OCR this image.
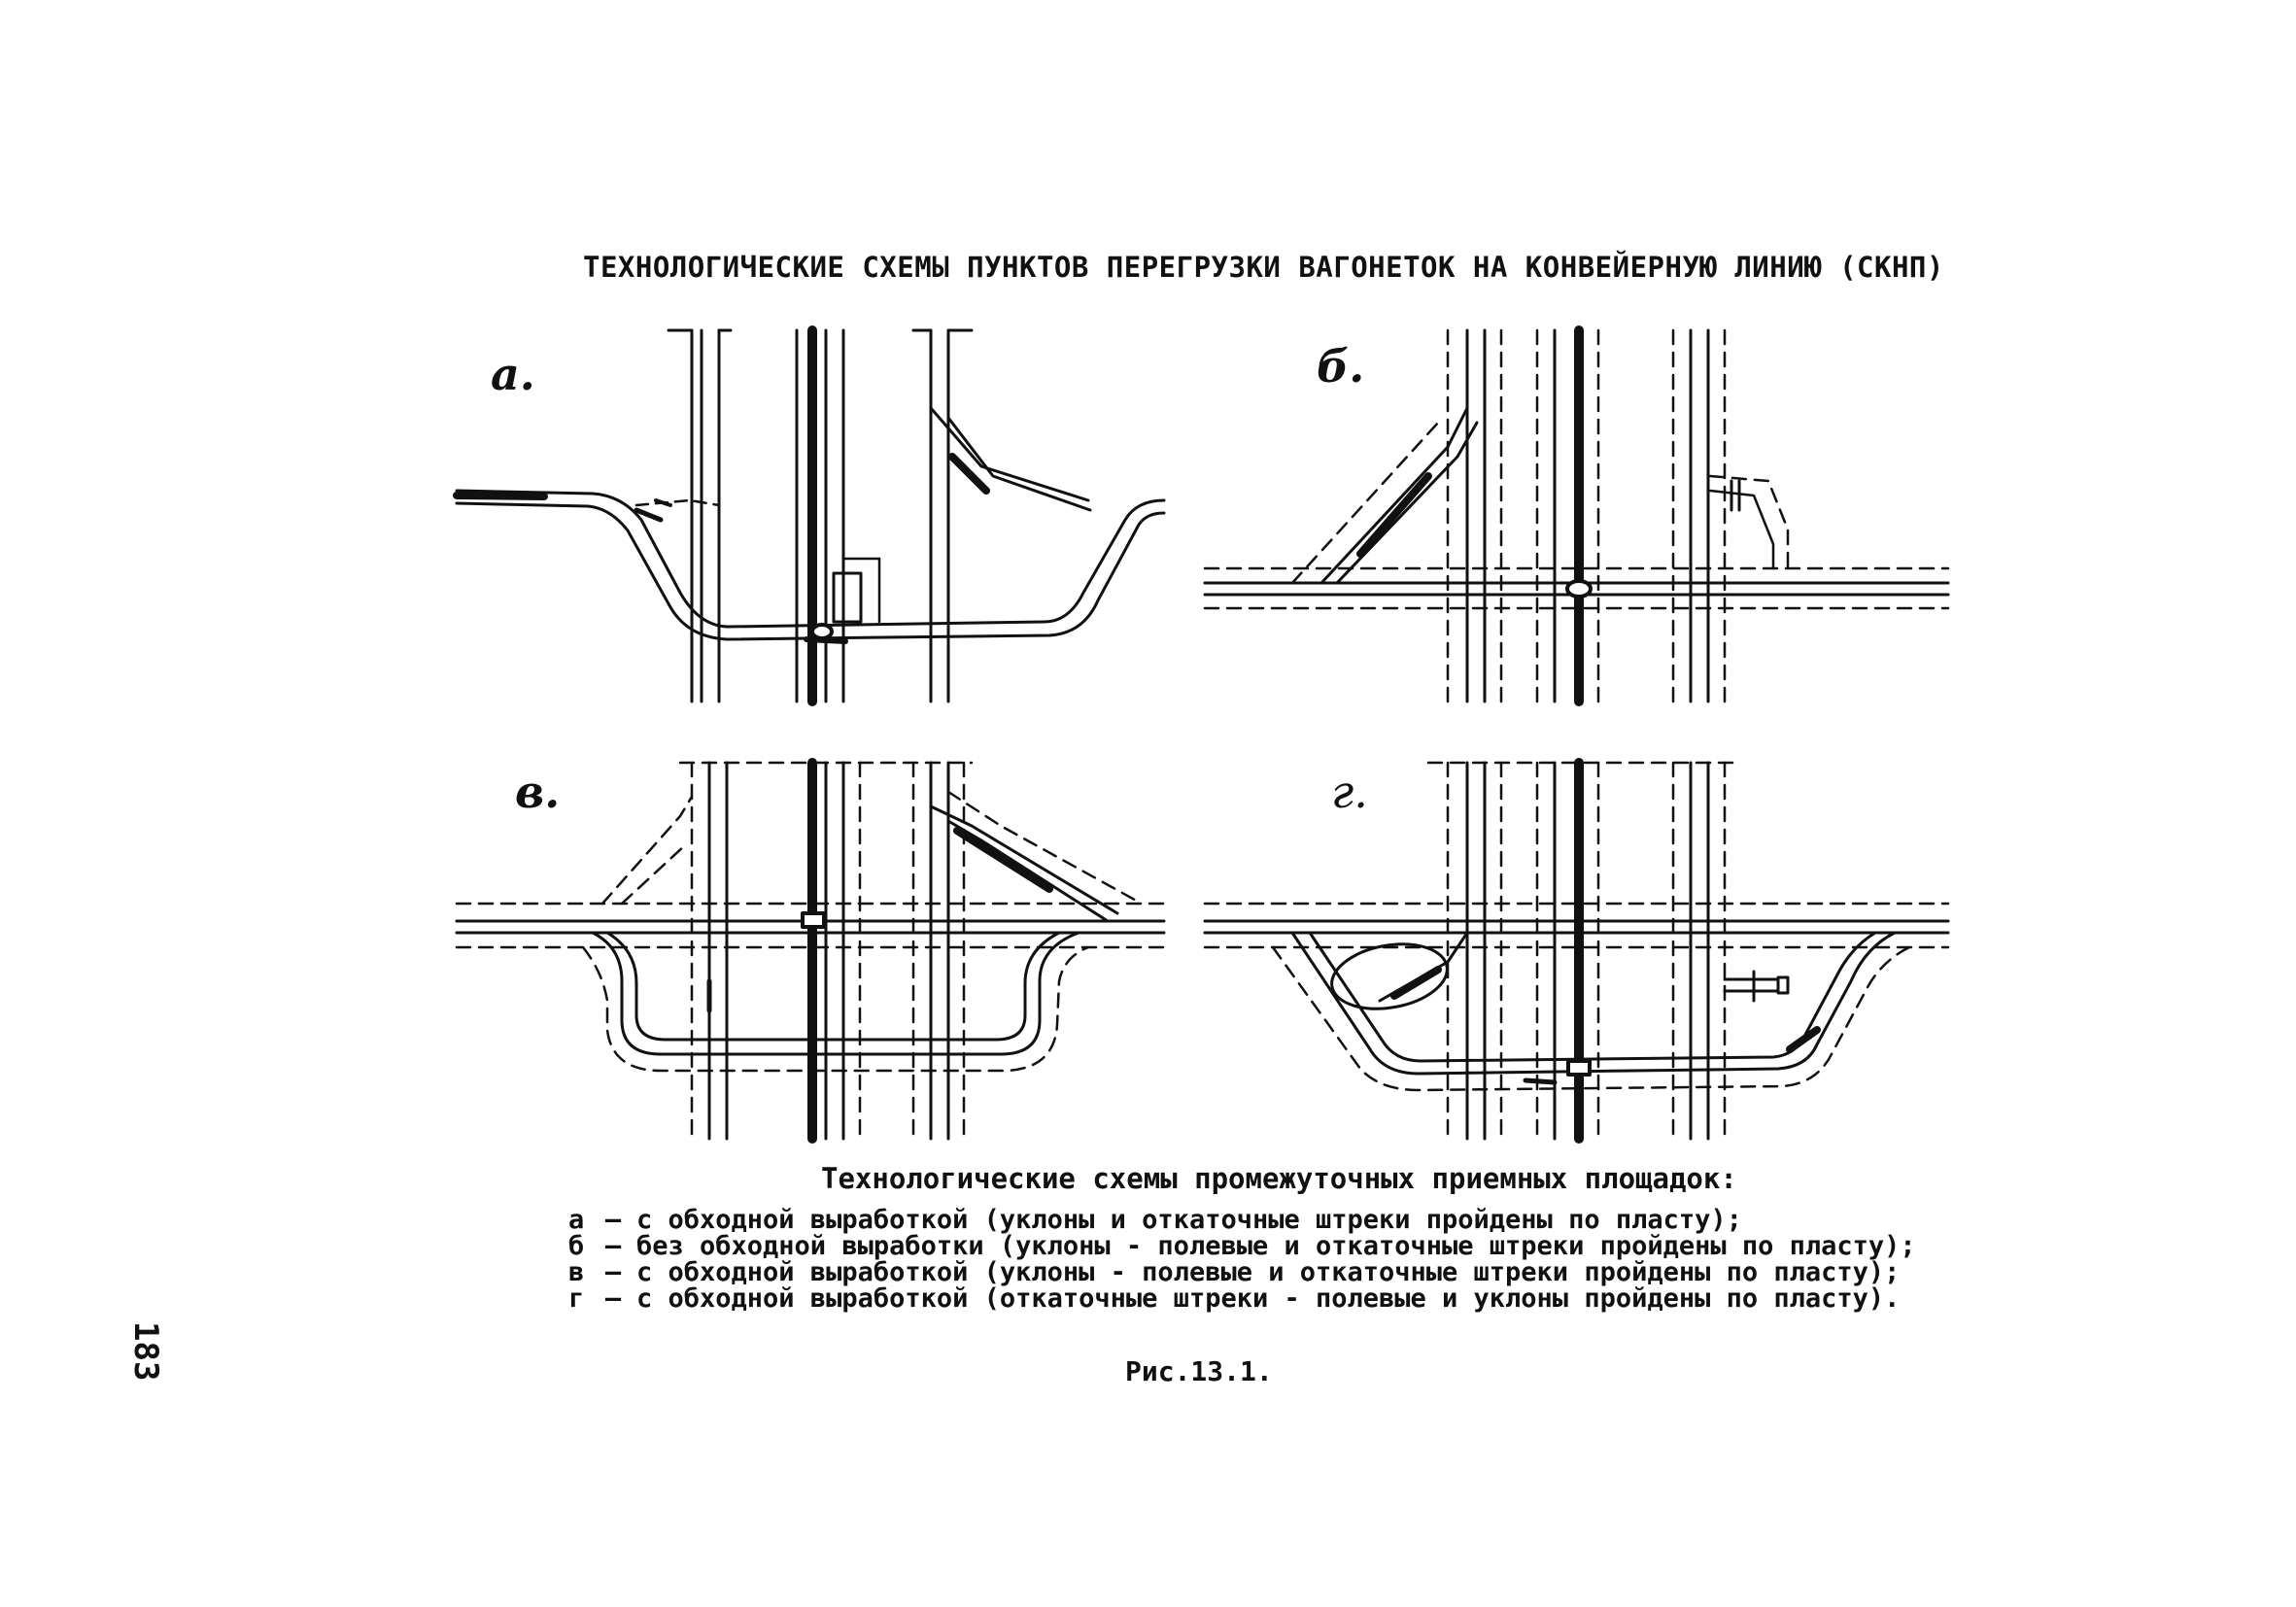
ТЕХНОЛОГИЧЕСКИЕ СХЕМЫ ПУНКТОВ ПЕРЕГРУЗКИ ВАГОНЕТОК НА КОНВЕЙЕРНУЮ ЛИНИЮ (СКНП)
а.	б.
в.	г.
Технологические схемы промежуточных приемных площадок:
а – с обходной выработкой (уклоны и откаточные штреки пройдены по пласту);
б – без обходной выработки (уклоны - полевые и откаточные штреки пройдены по пласту);
в – с обходной выработкой (уклоны - полевые и откаточные штреки пройдены по пласту);
г – с обходной выработкой (откаточные штреки - полевые и уклоны пройдены по пласту).
Рис.13.1.
183
